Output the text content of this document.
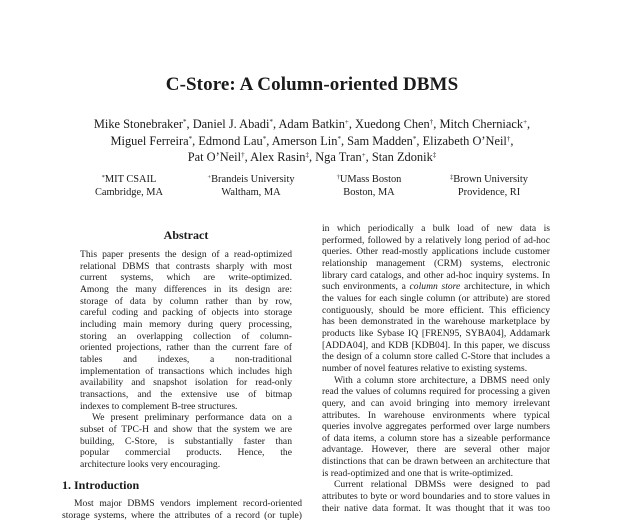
C-Store: A Column-oriented DBMS
Mike Stonebraker*, Daniel J. Abadi*, Adam Batkin+, Xuedong Chen†, Mitch Cherniack+,
Miguel Ferreira*, Edmond Lau*, Amerson Lin*, Sam Madden*, Elizabeth O’Neil†,
Pat O’Neil†, Alex Rasin‡, Nga Tran+, Stan Zdonik‡
*MIT CSAIL
Cambridge, MA
+Brandeis University
Waltham, MA
†UMass Boston
Boston, MA
‡Brown University
Providence, RI
Abstract

This paper presents the design of a read-optimized
relational DBMS that contrasts sharply with most
current systems, which are write-optimized.
Among the many differences in its design are:
storage of data by column rather than by row,
careful coding and packing of objects into storage
including main memory during query processing,
storing an overlapping collection of column-
oriented projections, rather than the current fare of
tables and indexes, a non-traditional
implementation of transactions which includes high
availability and snapshot isolation for read-only
transactions, and the extensive use of bitmap
indexes to complement B-tree structures.

We present preliminary performance data on a
subset of TPC-H and show that the system we are
building, C-Store, is substantially faster than
popular commercial products. Hence, the
architecture looks very encouraging.

1. Introduction
Most major DBMS vendors implement record-oriented
storage systems, where the attributes of a record (or tuple)

in which periodically a bulk load of new data is
performed, followed by a relatively long period of ad-hoc
queries. Other read-mostly applications include customer
relationship management (CRM) systems, electronic
library card catalogs, and other ad-hoc inquiry systems. In
such environments, a column store architecture, in which
the values for each single column (or attribute) are stored
contiguously, should be more efficient. This efficiency
has been demonstrated in the warehouse marketplace by
products like Sybase IQ [FREN95, SYBA04], Addamark
[ADDA04], and KDB [KDB04]. In this paper, we discuss
the design of a column store called C-Store that includes a
number of novel features relative to existing systems.

With a column store architecture, a DBMS need only
read the values of columns required for processing a given
query, and can avoid bringing into memory irrelevant
attributes. In warehouse environments where typical
queries involve aggregates performed over large numbers
of data items, a column store has a sizeable performance
advantage. However, there are several other major
distinctions that can be drawn between an architecture that
is read-optimized and one that is write-optimized.

Current relational DBMSs were designed to pad
attributes to byte or word boundaries and to store values in
their native data format. It was thought that it was too
